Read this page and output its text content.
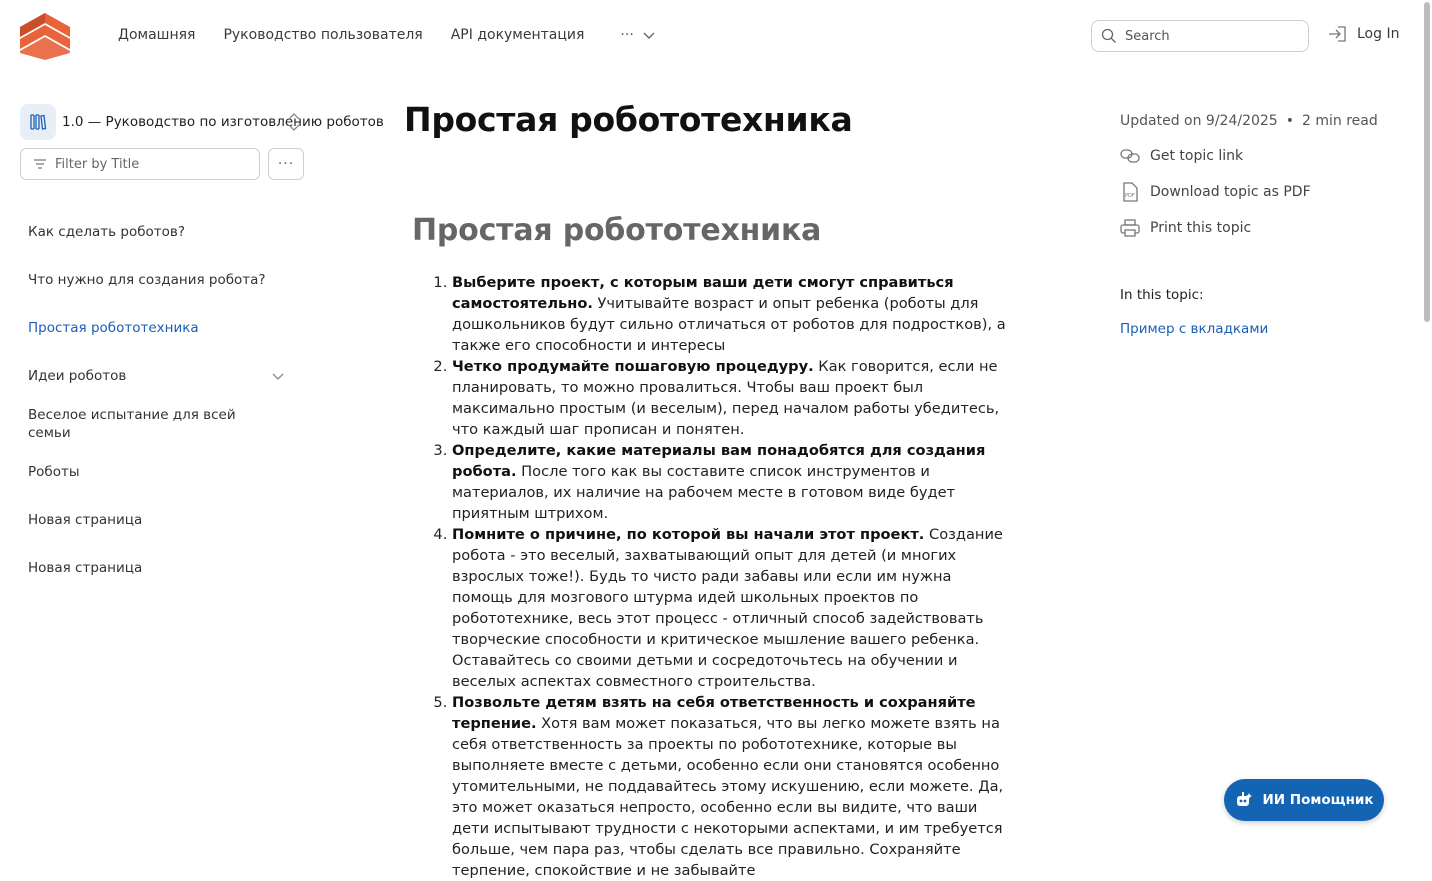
Домашняя Руководство пользователя API документация	···
Search	Log In
1.0 — Руководство по изготовлению роботов
Filter by Title
···
Как сделать роботов?
Что нужно для создания робота?
Простая робототехника
Идеи роботов
Веселое испытание для всей семьи
Роботы
Новая страница
Новая страница
Простая робототехника
Простая робототехника
1. Выберите проект, с которым ваши дети смогут справиться самостоятельно. Учитывайте возраст и опыт ребенка (роботы для дошкольников будут сильно отличаться от роботов для подростков), а также его способности и интересы
2. Четко продумайте пошаговую процедуру. Как говорится, если не планировать, то можно провалиться. Чтобы ваш проект был максимально простым (и веселым), перед началом работы убедитесь, что каждый шаг прописан и понятен.
3. Определите, какие материалы вам понадобятся для создания робота. После того как вы составите список инструментов и материалов, их наличие на рабочем месте в готовом виде будет приятным штрихом.
4. Помните о причине, по которой вы начали этот проект. Создание робота - это веселый, захватывающий опыт для детей (и многих взрослых тоже!). Будь то чисто ради забавы или если им нужна помощь для мозгового штурма идей школьных проектов по робототехнике, весь этот процесс - отличный способ задействовать творческие способности и критическое мышление вашего ребенка. Оставайтесь со своими детьми и сосредоточьтесь на обучении и веселых аспектах совместного строительства.
5. Позвольте детям взять на себя ответственность и сохраняйте терпение. Хотя вам может показаться, что вы легко можете взять на себя ответственность за проекты по робототехнике, которые вы выполняете вместе с детьми, особенно если они становятся особенно утомительными, не поддавайтесь этому искушению, если можете. Да, это может оказаться непросто, особенно если вы видите, что ваши дети испытывают трудности с некоторыми аспектами, и им требуется больше, чем пара раз, чтобы сделать все правильно. Сохраняйте терпение, спокойствие и не забывайте
Updated on 9/24/2025 • 2 min read
Get topic link
PDF Download topic as PDF
Print this topic
In this topic:
Пример с вкладками
ИИ Помощник
